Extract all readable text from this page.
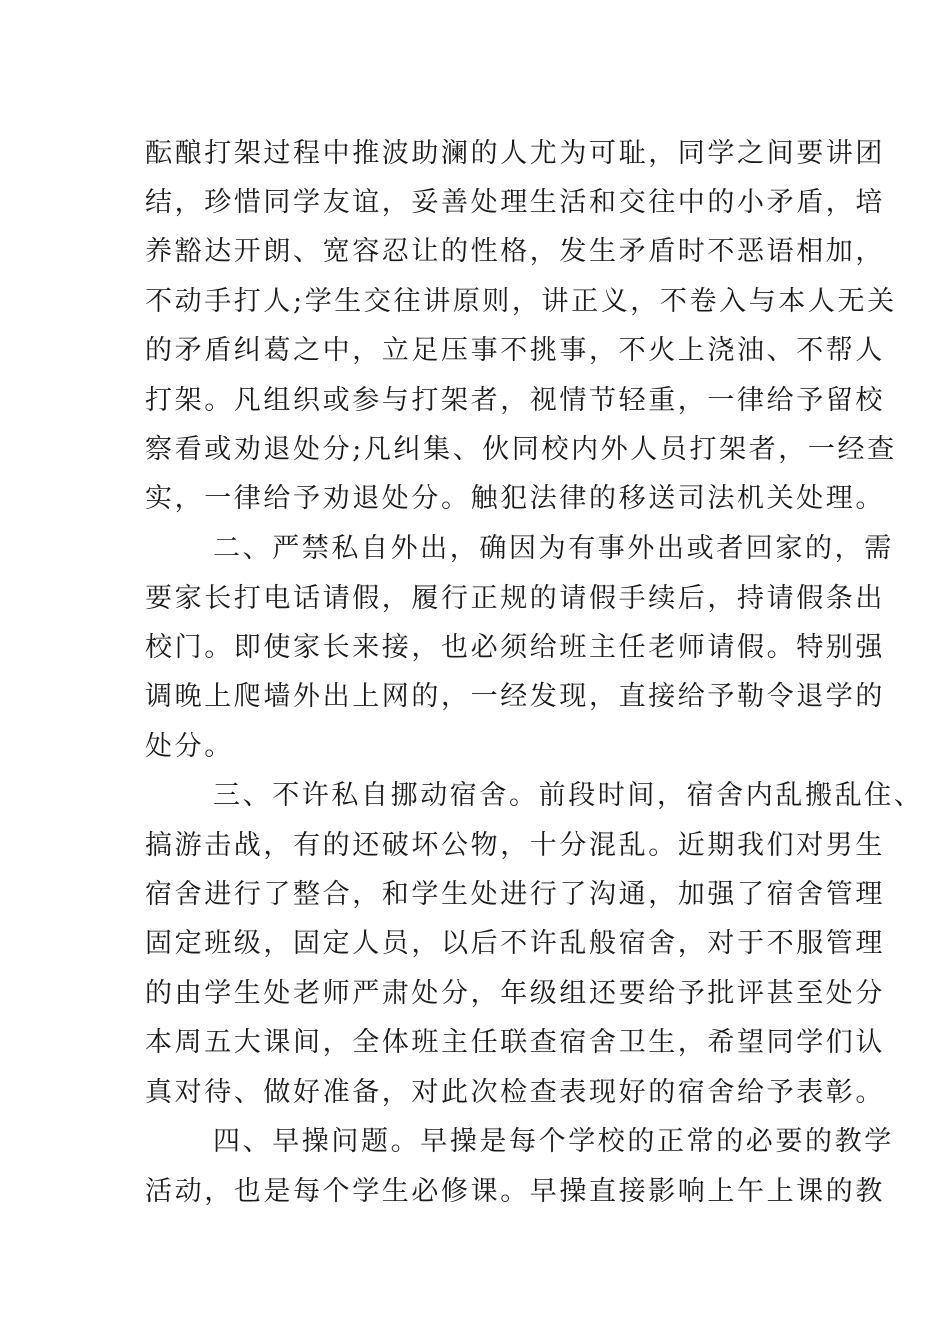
酝酿打架过程中推波助澜的人尤为可耻，同学之间要讲团
结，珍惜同学友谊，妥善处理生活和交往中的小矛盾，培
养豁达开朗、宽容忍让的性格，发生矛盾时不恶语相加，
不动手打人;学生交往讲原则，讲正义，不卷入与本人无关
的矛盾纠葛之中，立足压事不挑事，不火上浇油、不帮人
打架。凡组织或参与打架者，视情节轻重，一律给予留校
察看或劝退处分;凡纠集、伙同校内外人员打架者，一经查
实，一律给予劝退处分。触犯法律的移送司法机关处理。
二、严禁私自外出，确因为有事外出或者回家的，需
要家长打电话请假，履行正规的请假手续后，持请假条出
校门。即使家长来接，也必须给班主任老师请假。特别强
调晚上爬墙外出上网的，一经发现，直接给予勒令退学的
处分。
三、不许私自挪动宿舍。前段时间，宿舍内乱搬乱住、
搞游击战，有的还破坏公物，十分混乱。近期我们对男生
宿舍进行了整合，和学生处进行了沟通，加强了宿舍管理
固定班级，固定人员，以后不许乱般宿舍，对于不服管理
的由学生处老师严肃处分，年级组还要给予批评甚至处分
本周五大课间，全体班主任联查宿舍卫生，希望同学们认
真对待、做好准备，对此次检查表现好的宿舍给予表彰。
四、早操问题。早操是每个学校的正常的必要的教学
活动，也是每个学生必修课。早操直接影响上午上课的教
